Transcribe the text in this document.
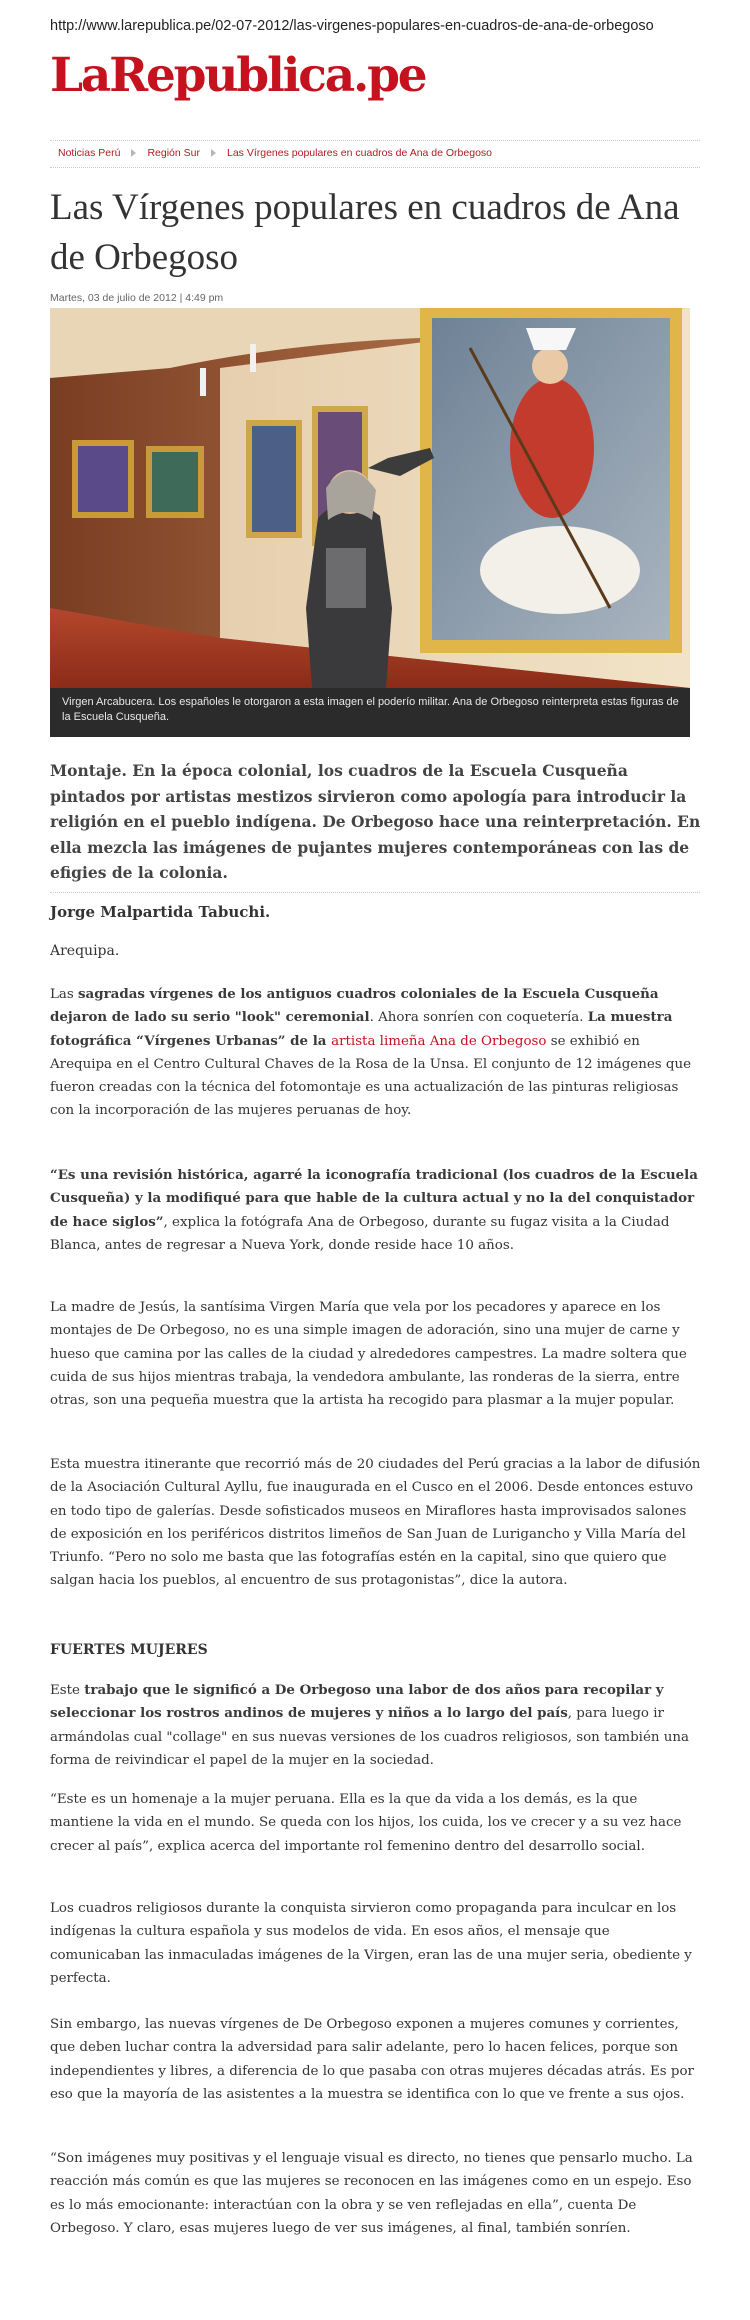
http://www.larepublica.pe/02-07-2012/las-virgenes-populares-en-cuadros-de-ana-de-orbegoso
LaRepublica.pe
Noticias Perú	Región Sur	Las Vírgenes populares en cuadros de Ana de Orbegoso
Las Vírgenes populares en cuadros de Ana de Orbegoso
Martes, 03 de julio de 2012 | 4:49 pm
Virgen Arcabucera. Los españoles le otorgaron a esta imagen el poderío militar. Ana de Orbegoso reinterpreta estas figuras de la Escuela Cusqueña.

Montaje. En la época colonial, los cuadros de la Escuela Cusqueña pintados por artistas mestizos sirvieron como apología para introducir la religión en el pueblo indígena. De Orbegoso hace una reinterpretación. En ella mezcla las imágenes de pujantes mujeres contemporáneas con las de efigies de la colonia.

Jorge Malpartida Tabuchi.
Arequipa.

Las sagradas vírgenes de los antiguos cuadros coloniales de la Escuela Cusqueña dejaron de lado su serio "look" ceremonial. Ahora sonríen con coquetería. La muestra fotográfica “Vírgenes Urbanas” de la artista limeña Ana de Orbegoso se exhibió en Arequipa en el Centro Cultural Chaves de la Rosa de la Unsa. El conjunto de 12 imágenes que fueron creadas con la técnica del fotomontaje es una actualización de las pinturas religiosas con la incorporación de las mujeres peruanas de hoy.

“Es una revisión histórica, agarré la iconografía tradicional (los cuadros de la Escuela Cusqueña) y la modifiqué para que hable de la cultura actual y no la del conquistador de hace siglos”, explica la fotógrafa Ana de Orbegoso, durante su fugaz visita a la Ciudad Blanca, antes de regresar a Nueva York, donde reside hace 10 años.

La madre de Jesús, la santísima Virgen María que vela por los pecadores y aparece en los montajes de De Orbegoso, no es una simple imagen de adoración, sino una mujer de carne y hueso que camina por las calles de la ciudad y alrededores campestres. La madre soltera que cuida de sus hijos mientras trabaja, la vendedora ambulante, las ronderas de la sierra, entre otras, son una pequeña muestra que la artista ha recogido para plasmar a la mujer popular.

Esta muestra itinerante que recorrió más de 20 ciudades del Perú gracias a la labor de difusión de la Asociación Cultural Ayllu, fue inaugurada en el Cusco en el 2006. Desde entonces estuvo en todo tipo de galerías. Desde sofisticados museos en Miraflores hasta improvisados salones de exposición en los periféricos distritos limeños de San Juan de Lurigancho y Villa María del Triunfo. “Pero no solo me basta que las fotografías estén en la capital, sino que quiero que salgan hacia los pueblos, al encuentro de sus protagonistas”, dice la autora.

FUERTES MUJERES

Este trabajo que le significó a De Orbegoso una labor de dos años para recopilar y seleccionar los rostros andinos de mujeres y niños a lo largo del país, para luego ir armándolas cual "collage" en sus nuevas versiones de los cuadros religiosos, son también una forma de reivindicar el papel de la mujer en la sociedad.

“Este es un homenaje a la mujer peruana. Ella es la que da vida a los demás, es la que mantiene la vida en el mundo. Se queda con los hijos, los cuida, los ve crecer y a su vez hace crecer al país”, explica acerca del importante rol femenino dentro del desarrollo social.

Los cuadros religiosos durante la conquista sirvieron como propaganda para inculcar en los indígenas la cultura española y sus modelos de vida. En esos años, el mensaje que comunicaban las inmaculadas imágenes de la Virgen, eran las de una mujer seria, obediente y perfecta.

Sin embargo, las nuevas vírgenes de De Orbegoso exponen a mujeres comunes y corrientes, que deben luchar contra la adversidad para salir adelante, pero lo hacen felices, porque son independientes y libres, a diferencia de lo que pasaba con otras mujeres décadas atrás. Es por eso que la mayoría de las asistentes a la muestra se identifica con lo que ve frente a sus ojos.

“Son imágenes muy positivas y el lenguaje visual es directo, no tienes que pensarlo mucho. La reacción más común es que las mujeres se reconocen en las imágenes como en un espejo. Eso es lo más emocionante: interactúan con la obra y se ven reflejadas en ella”, cuenta De Orbegoso. Y claro, esas mujeres luego de ver sus imágenes, al final, también sonríen.
